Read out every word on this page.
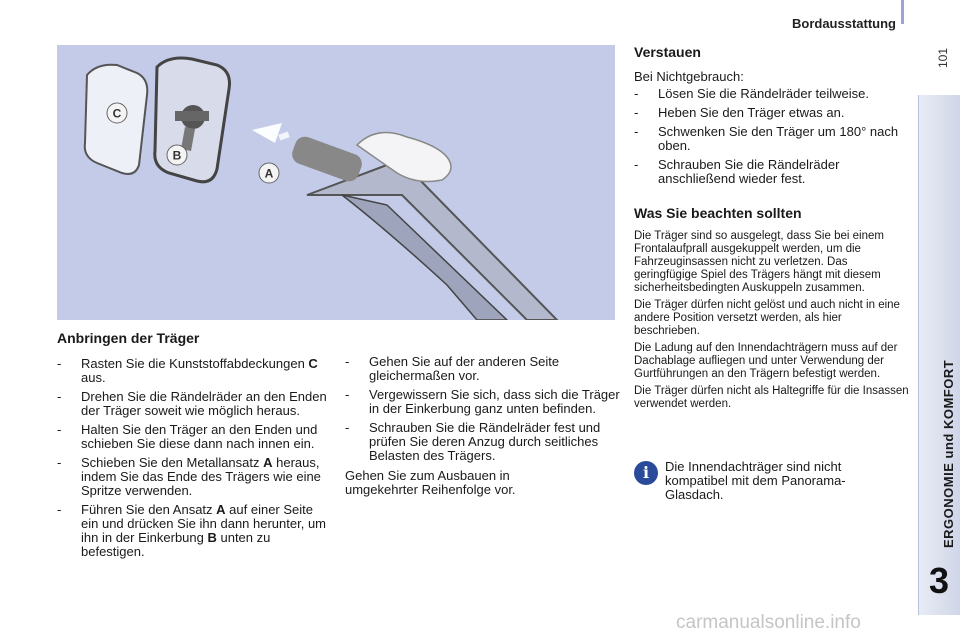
Bordausstattung
101
ERGONOMIE und KOMFORT
3
C
B
A
Anbringen der Träger
- Rasten Sie die Kunststoffabdeckungen C aus.
- Drehen Sie die Rändelräder an den Enden der Träger soweit wie möglich heraus.
- Halten Sie den Träger an den Enden und schieben Sie diese dann nach innen ein.
- Schieben Sie den Metallansatz A heraus, indem Sie das Ende des Trägers wie eine Spritze verwenden.
- Führen Sie den Ansatz A auf einer Seite ein und drücken Sie ihn dann herunter, um ihn in der Einkerbung B unten zu befestigen.
- Gehen Sie auf der anderen Seite gleichermaßen vor.
- Vergewissern Sie sich, dass sich die Träger in der Einkerbung ganz unten befinden.
- Schrauben Sie die Rändelräder fest und prüfen Sie deren Anzug durch seitliches Belasten des Trägers.

Gehen Sie zum Ausbauen in umgekehrter Reihenfolge vor.

Verstauen

Bei Nichtgebrauch:

- Lösen Sie die Rändelräder teilweise.
- Heben Sie den Träger etwas an.
- Schwenken Sie den Träger um 180° nach oben.
- Schrauben Sie die Rändelräder anschließend wieder fest.
Was Sie beachten sollten

Die Träger sind so ausgelegt, dass Sie bei einem Frontalaufprall ausgekuppelt werden, um die Fahrzeuginsassen nicht zu verletzen. Das geringfügige Spiel des Trägers hängt mit diesem sicherheitsbedingten Auskuppeln zusammen.

Die Träger dürfen nicht gelöst und auch nicht in eine andere Position versetzt werden, als hier beschrieben.

Die Ladung auf den Innendachträgern muss auf der Dachablage aufliegen und unter Verwendung der Gurtführungen an den Trägern befestigt werden.

Die Träger dürfen nicht als Haltegriffe für die Insassen verwendet werden.

i	Die Innendachträger sind nicht kompatibel mit dem Panorama-Glasdach.
carmanualsonline.info
